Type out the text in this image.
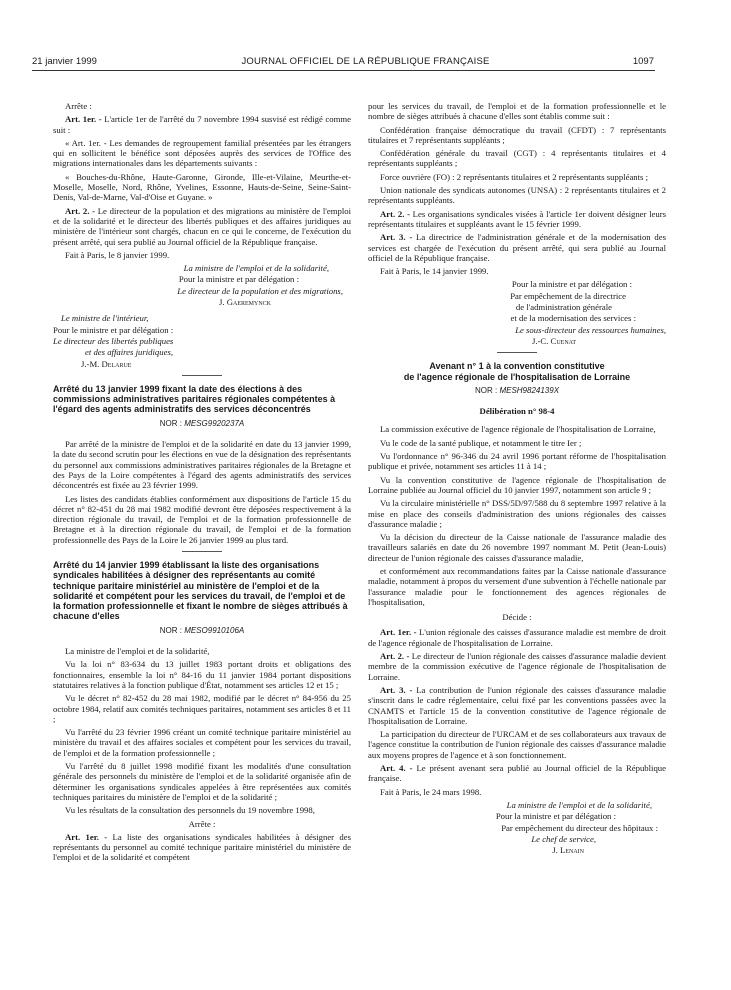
21 janvier 1999	JOURNAL OFFICIEL DE LA RÉPUBLIQUE FRANÇAISE	1097

Arrête :

Art. 1er. - L'article 1er de l'arrêté du 7 novembre 1994 susvisé est rédigé comme suit :

« Art. 1er. - Les demandes de regroupement familial présentées par les étrangers qui en sollicitent le bénéfice sont déposées auprès des services de l'Office des migrations internationales dans les départements suivants :

« Bouches-du-Rhône, Haute-Garonne, Gironde, Ille-et-Vilaine, Meurthe-et-Moselle, Moselle, Nord, Rhône, Yvelines, Essonne, Hauts-de-Seine, Seine-Saint-Denis, Val-de-Marne, Val-d'Oise et Guyane. »

Art. 2. - Le directeur de la population et des migrations au ministère de l'emploi et de la solidarité et le directeur des libertés publiques et des affaires juridiques au ministère de l'intérieur sont chargés, chacun en ce qui le concerne, de l'exécution du présent arrêté, qui sera publié au Journal officiel de la République française.

Fait à Paris, le 8 janvier 1999.

La ministre de l'emploi et de la solidarité,

Pour la ministre et par délégation :

Le directeur de la population et des migrations,

J. Gaeremynck

Le ministre de l'intérieur,

Pour le ministre et par délégation :

Le directeur des libertés publiques

et des affaires juridiques,

J.-M. Delarue

Arrêté du 13 janvier 1999 fixant la date des élections à des commissions administratives paritaires régionales compétentes à l'égard des agents administratifs des services déconcentrés
NOR : MESG9920237A

Par arrêté de la ministre de l'emploi et de la solidarité en date du 13 janvier 1999, la date du second scrutin pour les élections en vue de la désignation des représentants du personnel aux commissions administratives paritaires régionales de la Bretagne et des Pays de la Loire compétentes à l'égard des agents administratifs des services déconcentrés est fixée au 23 février 1999.

Les listes des candidats établies conformément aux dispositions de l'article 15 du décret n° 82-451 du 28 mai 1982 modifié devront être déposées respectivement à la direction régionale du travail, de l'emploi et de la formation professionnelle de Bretagne et à la direction régionale du travail, de l'emploi et de la formation professionnelle des Pays de la Loire le 26 janvier 1999 au plus tard.

Arrêté du 14 janvier 1999 établissant la liste des organisations syndicales habilitées à désigner des représentants au comité technique paritaire ministériel au ministère de l'emploi et de la solidarité et compétent pour les services du travail, de l'emploi et de la formation professionnelle et fixant le nombre de sièges attribués à chacune d'elles
NOR : MESO9910106A

La ministre de l'emploi et de la solidarité,

Vu la loi n° 83-634 du 13 juillet 1983 portant droits et obligations des fonctionnaires, ensemble la loi n° 84-16 du 11 janvier 1984 portant dispositions statutaires relatives à la fonction publique d'État, notamment ses articles 12 et 15 ;

Vu le décret n° 82-452 du 28 mai 1982, modifié par le décret n° 84-956 du 25 octobre 1984, relatif aux comités techniques paritaires, notamment ses articles 8 et 11 ;

Vu l'arrêté du 23 février 1996 créant un comité technique paritaire ministériel au ministère du travail et des affaires sociales et compétent pour les services du travail, de l'emploi et de la formation professionnelle ;

Vu l'arrêté du 8 juillet 1998 modifié fixant les modalités d'une consultation générale des personnels du ministère de l'emploi et de la solidarité organisée afin de déterminer les organisations syndicales appelées à être représentées aux comités techniques paritaires du ministère de l'emploi et de la solidarité ;

Vu les résultats de la consultation des personnels du 19 novembre 1998,

Arrête :

Art. 1er. - La liste des organisations syndicales habilitées à désigner des représentants du personnel au comité technique paritaire ministériel du ministère de l'emploi et de la solidarité et compétent

pour les services du travail, de l'emploi et de la formation professionnelle et le nombre de sièges attribués à chacune d'elles sont établis comme suit :

Confédération française démocratique du travail (CFDT) : 7 représentants titulaires et 7 représentants suppléants ;

Confédération générale du travail (CGT) : 4 représentants titulaires et 4 représentants suppléants ;

Force ouvrière (FO) : 2 représentants titulaires et 2 représentants suppléants ;

Union nationale des syndicats autonomes (UNSA) : 2 représentants titulaires et 2 représentants suppléants.

Art. 2. - Les organisations syndicales visées à l'article 1er doivent désigner leurs représentants titulaires et suppléants avant le 15 février 1999.

Art. 3. - La directrice de l'administration générale et de la modernisation des services est chargée de l'exécution du présent arrêté, qui sera publié au Journal officiel de la République française.

Fait à Paris, le 14 janvier 1999.

Pour la ministre et par délégation :

Par empêchement de la directrice

de l'administration générale

et de la modernisation des services :

Le sous-directeur des ressources humaines,

J.-C. Cuenat

Avenant n° 1 à la convention constitutive
de l'agence régionale de l'hospitalisation de Lorraine
NOR : MESH9824139X

Délibération n° 98-4

La commission exécutive de l'agence régionale de l'hospitalisation de Lorraine,

Vu le code de la santé publique, et notamment le titre Ier ;

Vu l'ordonnance n° 96-346 du 24 avril 1996 portant réforme de l'hospitalisation publique et privée, notamment ses articles 11 à 14 ;

Vu la convention constitutive de l'agence régionale de l'hospitalisation de Lorraine publiée au Journal officiel du 10 janvier 1997, notamment son article 9 ;

Vu la circulaire ministérielle n° DSS/5D/97/588 du 8 septembre 1997 relative à la mise en place des conseils d'administration des unions régionales des caisses d'assurance maladie ;

Vu la décision du directeur de la Caisse nationale de l'assurance maladie des travailleurs salariés en date du 26 novembre 1997 nommant M. Petit (Jean-Louis) directeur de l'union régionale des caisses d'assurance maladie,

et conformément aux recommandations faites par la Caisse nationale d'assurance maladie, notamment à propos du versement d'une subvention à l'échelle nationale par l'assurance maladie pour le fonctionnement des agences régionales de l'hospitalisation,

Décide :

Art. 1er. - L'union régionale des caisses d'assurance maladie est membre de droit de l'agence régionale de l'hospitalisation de Lorraine.

Art. 2. - Le directeur de l'union régionale des caisses d'assurance maladie devient membre de la commission exécutive de l'agence régionale de l'hospitalisation de Lorraine.

Art. 3. - La contribution de l'union régionale des caisses d'assurance maladie s'inscrit dans le cadre réglementaire, celui fixé par les conventions passées avec la CNAMTS et l'article 15 de la convention constitutive de l'agence régionale de l'hospitalisation de Lorraine.

La participation du directeur de l'URCAM et de ses collaborateurs aux travaux de l'agence constitue la contribution de l'union régionale des caisses d'assurance maladie aux moyens propres de l'agence et à son fonctionnement.

Art. 4. - Le présent avenant sera publié au Journal officiel de la République française.

Fait à Paris, le 24 mars 1998.

La ministre de l'emploi et de la solidarité,

Pour la ministre et par délégation :

Par empêchement du directeur des hôpitaux :

Le chef de service,

J. Lenain
